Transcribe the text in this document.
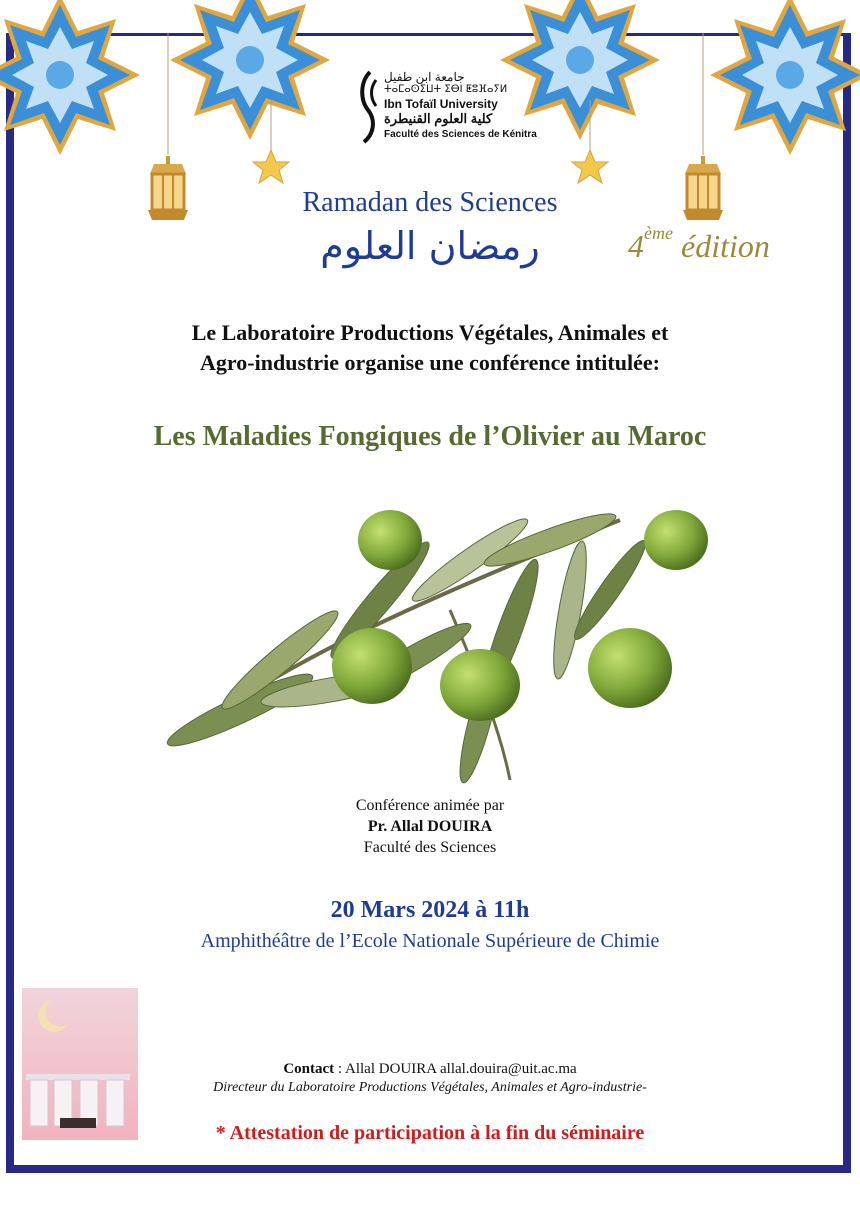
جامعة ابن طفيل
ⵜⴰⵎⴰⵙⵉⵡⵜ ⵉⴱⵏ ⵟⵓⴼⴰⵢⵍ
Ibn Tofaïl University
كلية العلوم القنيطرة
Faculté des Sciences de Kénitra
Ramadan des Sciences
رمضان العلوم	4ème édition
Le Laboratoire Productions Végétales, Animales et
Agro-industrie organise une conférence intitulée:
Les Maladies Fongiques de l’Olivier au Maroc
Conférence animée par
Pr. Allal DOUIRA
Faculté des Sciences
20 Mars 2024 à 11h
Amphithéâtre de l’Ecole Nationale Supérieure de Chimie
Contact : Allal DOUIRA allal.douira@uit.ac.ma
Directeur du Laboratoire Productions Végétales, Animales et Agro-industrie-
* Attestation de participation à la fin du séminaire
